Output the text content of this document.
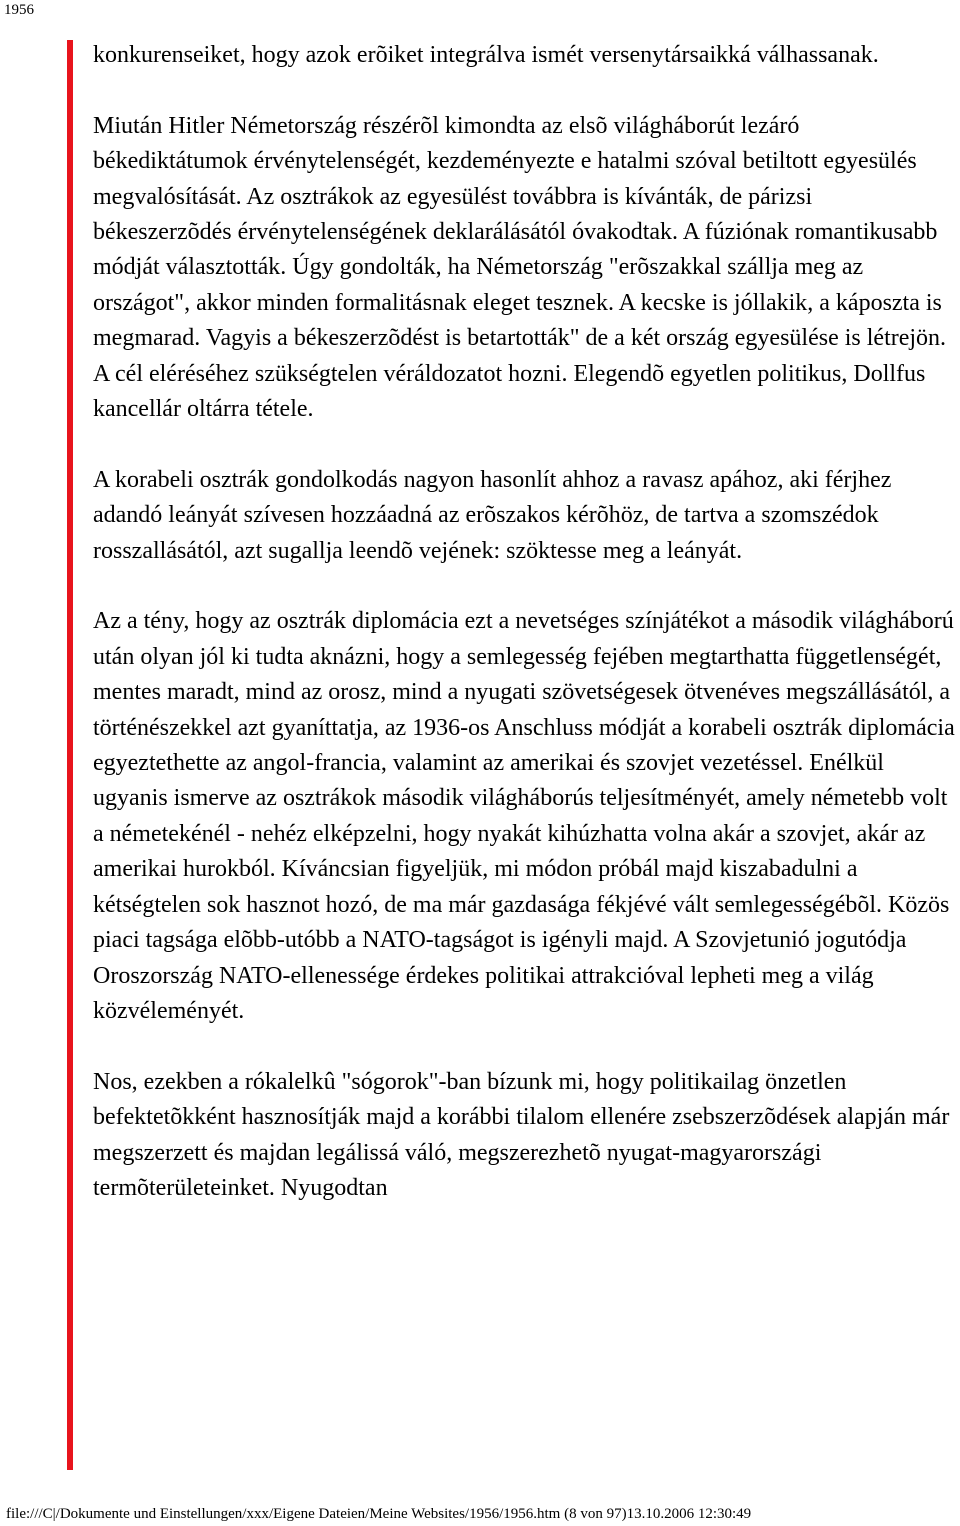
1956

konkurenseiket, hogy azok erõiket integrálva ismét versenytársaikká válhassanak.

Miután Hitler Németország részérõl kimondta az elsõ világháborút lezáró békediktátumok érvénytelenségét, kezdeményezte e hatalmi szóval betiltott egyesülés megvalósítását. Az osztrákok az egyesülést továbbra is kívánták, de párizsi békeszerzõdés érvénytelenségének deklarálásától óvakodtak. A fúziónak romantikusabb módját választották. Úgy gondolták, ha Németország "erõszakkal szállja meg az országot", akkor minden formalitásnak eleget tesznek. A kecske is jóllakik, a káposzta is megmarad. Vagyis a békeszerzõdést is betartották" de a két ország egyesülése is létrejön. A cél eléréséhez szükségtelen véráldozatot hozni. Elegendõ egyetlen politikus, Dollfus kancellár oltárra tétele.

A korabeli osztrák gondolkodás nagyon hasonlít ahhoz a ravasz apához, aki férjhez adandó leányát szívesen hozzáadná az erõszakos kérõhöz, de tartva a szomszédok rosszallásától, azt sugallja leendõ vejének: szöktesse meg a leányát.

Az a tény, hogy az osztrák diplomácia ezt a nevetséges színjátékot a második világháború után olyan jól ki tudta aknázni, hogy a semlegesség fejében megtarthatta függetlenségét, mentes maradt, mind az orosz, mind a nyugati szövetségesek ötvenéves megszállásától, a történészekkel azt gyaníttatja, az 1936-os Anschluss módját a korabeli osztrák diplomácia egyeztethette az angol-francia, valamint az amerikai és szovjet vezetéssel. Enélkül ugyanis ismerve az osztrákok második világháborús teljesítményét, amely németebb volt a németekénél - nehéz elképzelni, hogy nyakát kihúzhatta volna akár a szovjet, akár az amerikai hurokból. Kíváncsian figyeljük, mi módon próbál majd kiszabadulni a kétségtelen sok hasznot hozó, de ma már gazdasága fékjévé vált semlegességébõl. Közös piaci tagsága elõbb-utóbb a NATO-tagságot is igényli majd. A Szovjetunió jogutódja Oroszország NATO-ellenessége érdekes politikai attrakcióval lepheti meg a világ közvéleményét.

Nos, ezekben a rókalelkû "sógorok"-ban bízunk mi, hogy politikailag önzetlen befektetõkként hasznosítják majd a korábbi tilalom ellenére zsebszerzõdések alapján már megszerzett és majdan legálissá váló, megszerezhetõ nyugat-magyarországi termõterületeinket. Nyugodtan

file:///C|/Dokumente und Einstellungen/xxx/Eigene Dateien/Meine Websites/1956/1956.htm (8 von 97)13.10.2006 12:30:49
